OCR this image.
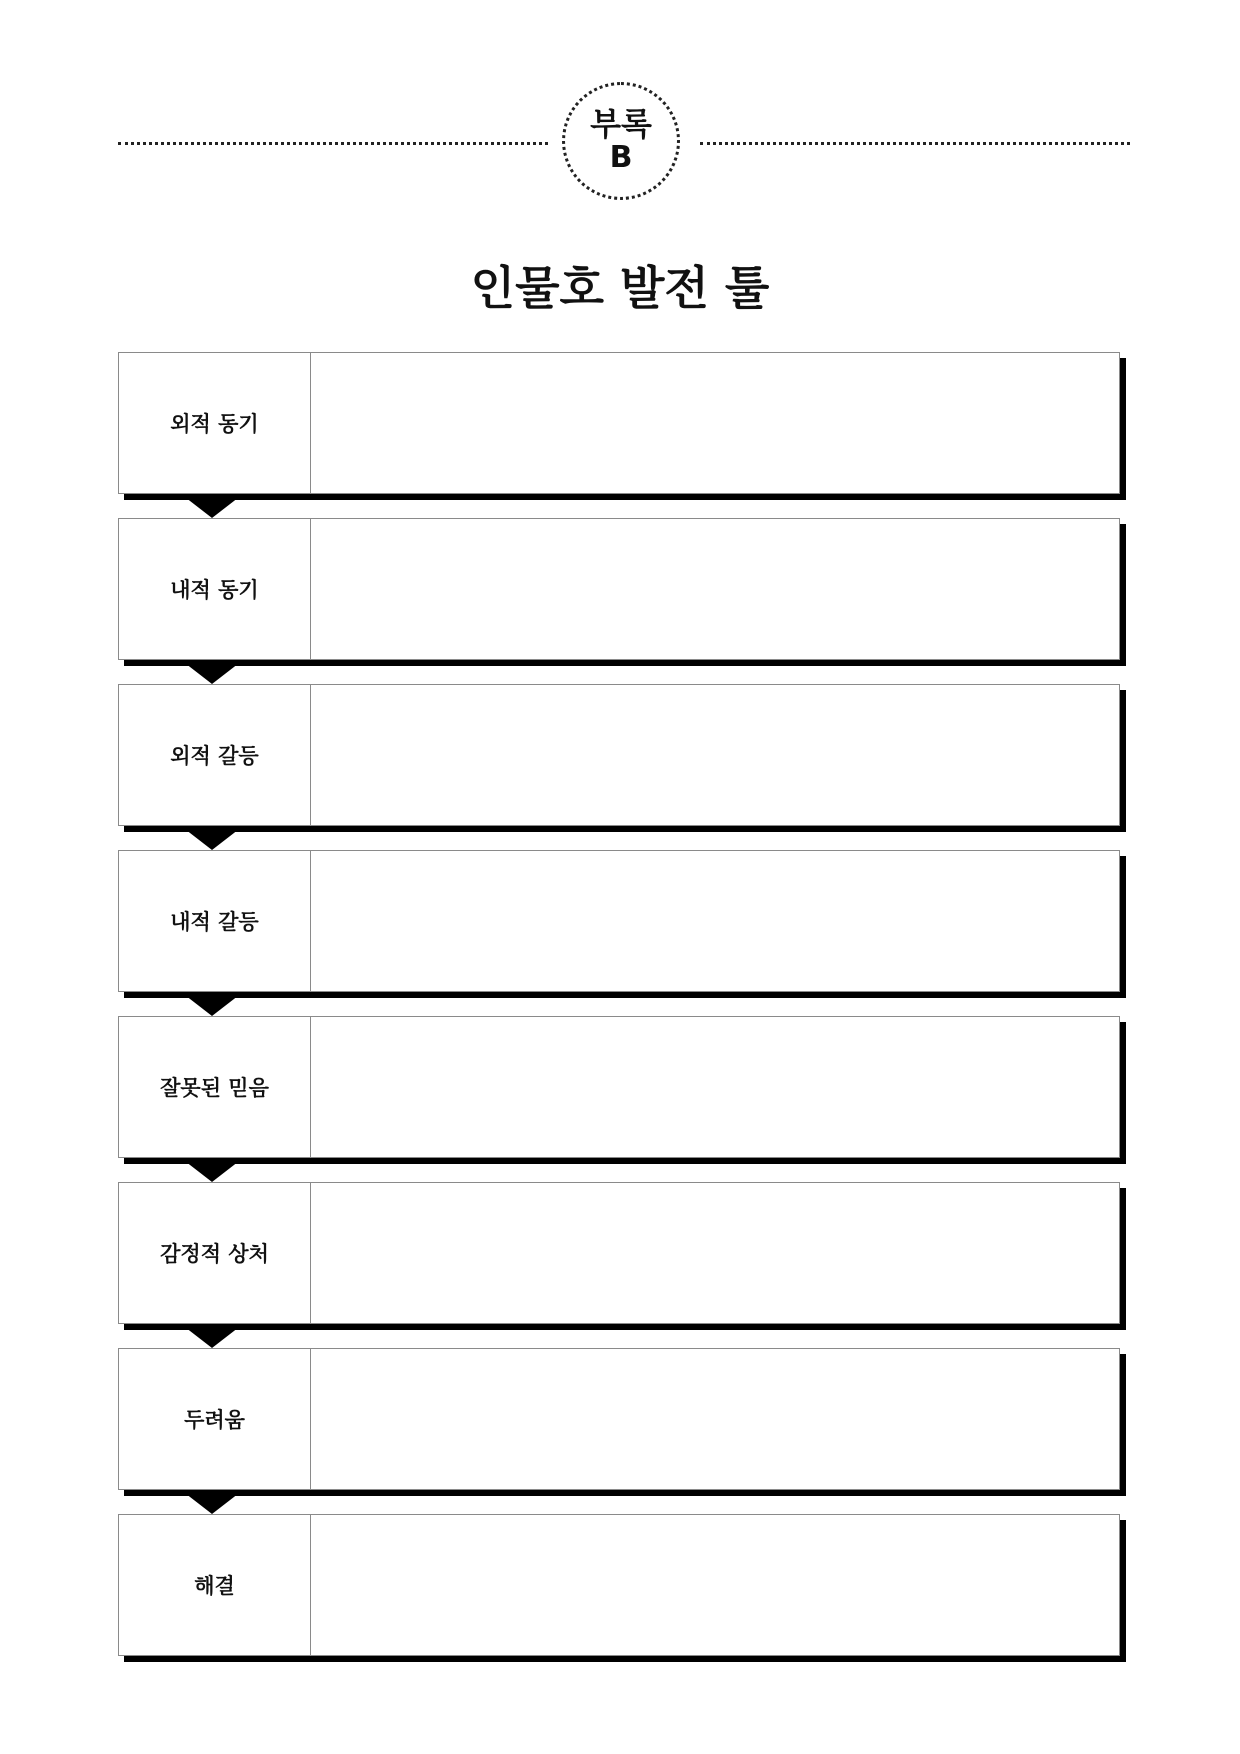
부록
B
인물호 발전 툴
외적 동기
내적 동기
외적 갈등
내적 갈등
잘못된 믿음
감정적 상처
두려움
해결
